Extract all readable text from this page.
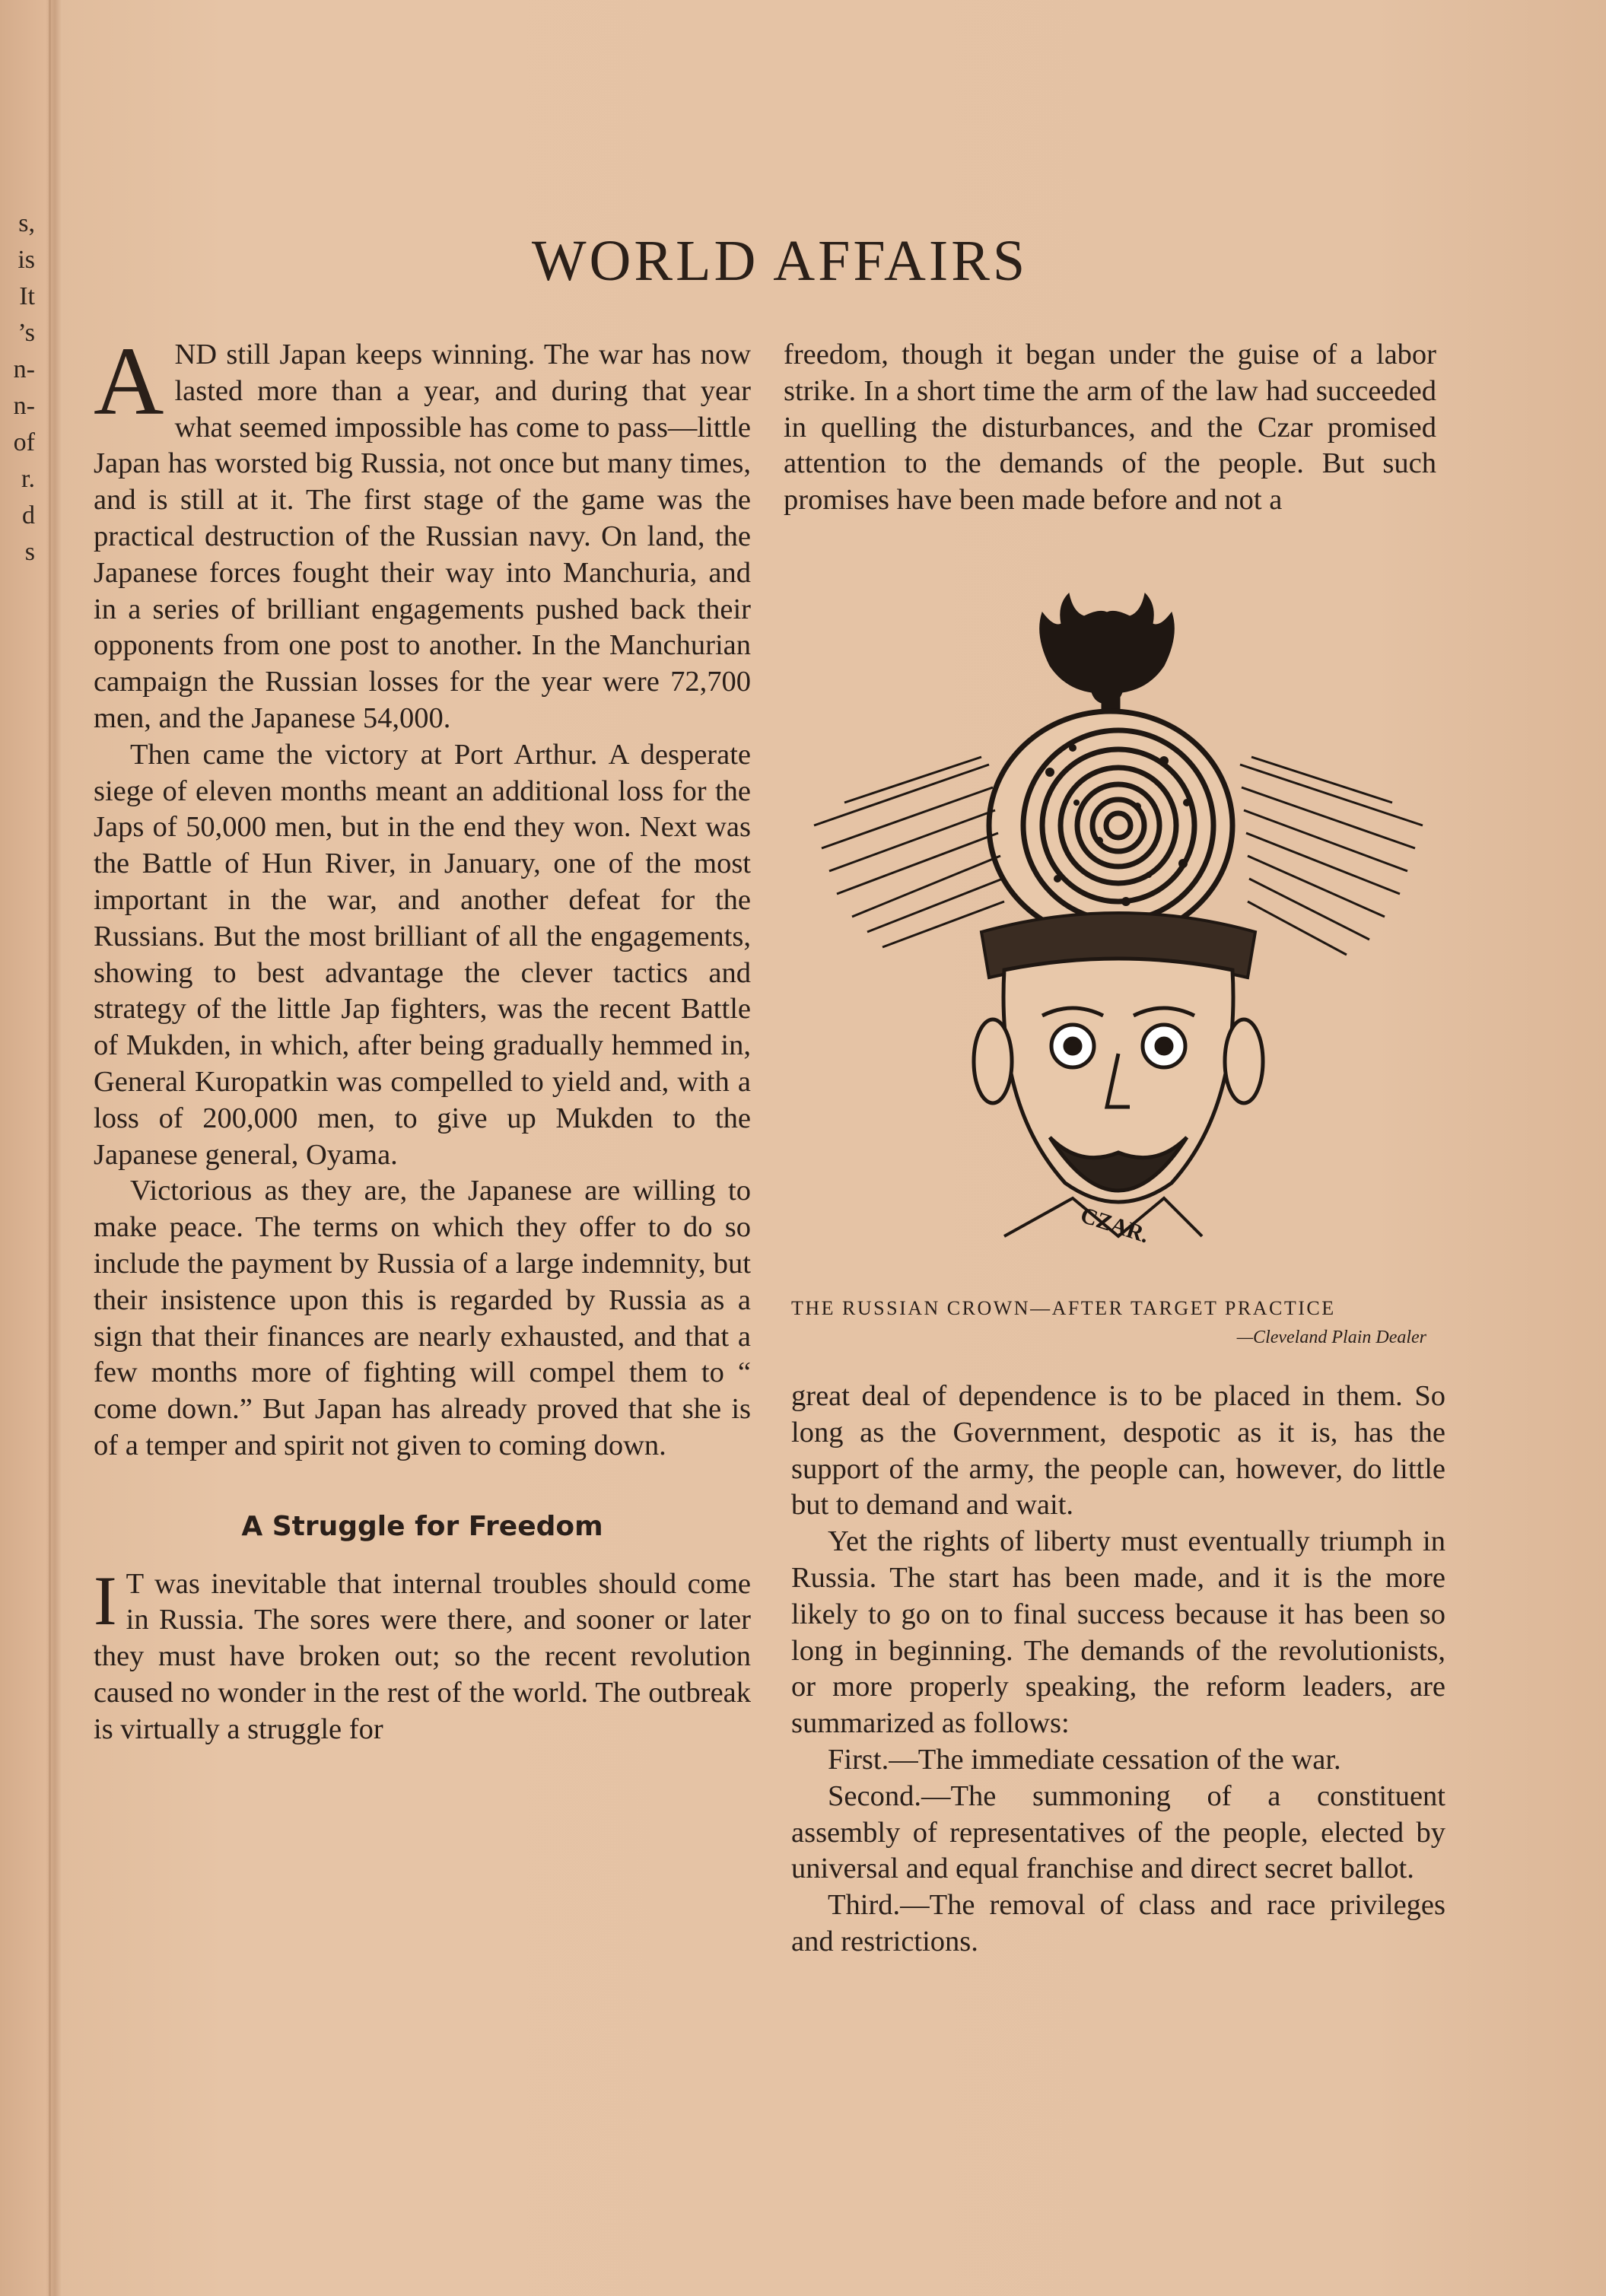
s,
is
It
’s
n-
n-
of
r.
d
s
WORLD AFFAIRS

AND still Japan keeps winning. The war has now lasted more than a year, and during that year what seemed impossible has come to pass—little Japan has worsted big Russia, not once but many times, and is still at it. The first stage of the game was the practical destruction of the Russian navy. On land, the Japanese forces fought their way into Manchuria, and in a series of brilliant engagements pushed back their opponents from one post to another. In the Manchurian campaign the Russian losses for the year were 72,700 men, and the Japanese 54,000.

Then came the victory at Port Arthur. A desperate siege of eleven months meant an additional loss for the Japs of 50,000 men, but in the end they won. Next was the Battle of Hun River, in January, one of the most important in the war, and another defeat for the Russians. But the most brilliant of all the engagements, showing to best advantage the clever tactics and strategy of the little Jap fighters, was the recent Battle of Mukden, in which, after being gradually hemmed in, General Kuropatkin was compelled to yield and, with a loss of 200,000 men, to give up Mukden to the Japanese general, Oyama.

Victorious as they are, the Japanese are willing to make peace. The terms on which they offer to do so include the payment by Russia of a large indemnity, but their insistence upon this is regarded by Russia as a sign that their finances are nearly exhausted, and that a few months more of fighting will compel them to “ come down.” But Japan has already proved that she is of a temper and spirit not given to coming down.

A Struggle for Freedom

I T was inevitable that internal troubles should come in Russia. The sores were there, and sooner or later they must have broken out; so the recent revolution caused no wonder in the rest of the world. The outbreak is virtually a struggle for

freedom, though it began under the guise of a labor strike. In a short time the arm of the law had succeeded in quelling the disturbances, and the Czar promised attention to the demands of the people. But such promises have been made before and not a

CZAR.
THE RUSSIAN CROWN—AFTER TARGET PRACTICE
—Cleveland Plain Dealer

great deal of dependence is to be placed in them. So long as the Government, despotic as it is, has the support of the army, the people can, however, do little but to demand and wait.

Yet the rights of liberty must eventually triumph in Russia. The start has been made, and it is the more likely to go on to final success because it has been so long in beginning. The demands of the revolutionists, or more properly speaking, the reform leaders, are summarized as follows:

First.—The immediate cessation of the war.

Second.—The summoning of a constituent assembly of representatives of the people, elected by universal and equal franchise and direct secret ballot.

Third.—The removal of class and race privileges and restrictions.
